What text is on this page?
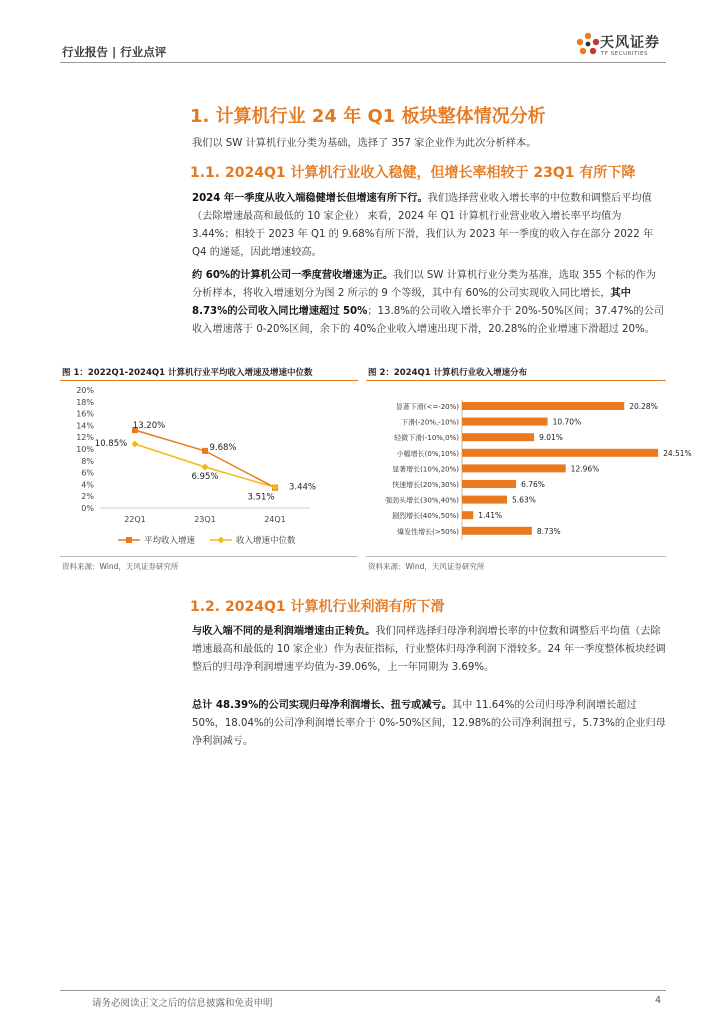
行业报告 | 行业点评
天风证券
TF SECURITIES
1. 计算机行业 24 年 Q1 板块整体情况分析
我们以 SW 计算机行业分类为基础，选择了 357 家企业作为此次分析样本。
1.1. 2024Q1 计算机行业收入稳健，但增长率相较于 23Q1 有所下降
2024 年一季度从收入端稳健增长但增速有所下行。我们选择营业收入增长率的中位数和调整后平均值（去除增速最高和最低的 10 家企业） 来看，2024 年 Q1 计算机行业营业收入增长率平均值为 3.44%；相较于 2023 年 Q1 的 9.68%有所下滑，我们认为 2023 年一季度的收入存在部分 2022 年 Q4 的递延，因此增速较高。
约 60%的计算机公司一季度营收增速为正。我们以 SW 计算机行业分类为基准，选取 355 个标的作为分析样本，将收入增速划分为图 2 所示的 9 个等级，其中有 60%的公司实现收入同比增长，其中 8.73%的公司收入同比增速超过 50%；13.8%的公司收入增长率介于 20%-50%区间；37.47%的公司收入增速落于 0-20%区间，余下的 40%企业收入增速出现下滑，20.28%的企业增速下滑超过 20%。
图 1：2022Q1-2024Q1 计算机行业平均收入增速及增速中位数
0%
2%
4%
6%
8%
10%
12%
14%
16%
18%
20%
22Q1	23Q1	24Q1
13.20%
9.68%
3.44%
10.85%
6.95%
3.51%
平均收入增速	收入增速中位数
资料来源：Wind，天风证券研究所
图 2：2024Q1 计算机行业收入增速分布
显著下滑(<=-20%)	20.28%
下滑(-20%,-10%)	10.70%
轻微下滑(-10%,0%)	9.01%
小幅增长(0%,10%)	24.51%
显著增长(10%,20%)	12.96%
快速增长(20%,30%)	6.76%
强劲头增长(30%,40%)	5.63%
剧烈增长(40%,50%)	1.41%
爆发性增长(>50%)	8.73%
资料来源：Wind，天风证券研究所
1.2. 2024Q1 计算机行业利润有所下滑
与收入端不同的是利润端增速由正转负。我们同样选择归母净利润增长率的中位数和调整后平均值（去除增速最高和最低的 10 家企业）作为表征指标，行业整体归母净利润下滑较多。24 年一季度整体板块经调整后的归母净利润增速平均值为-39.06%，上一年同期为 3.69%。
总计 48.39%的公司实现归母净利润增长、扭亏或减亏。其中 11.64%的公司归母净利润增长超过 50%，18.04%的公司净利润增长率介于 0%-50%区间，12.98%的公司净利润扭亏，5.73%的企业归母净利润减亏。
请务必阅读正文之后的信息披露和免责申明	4
